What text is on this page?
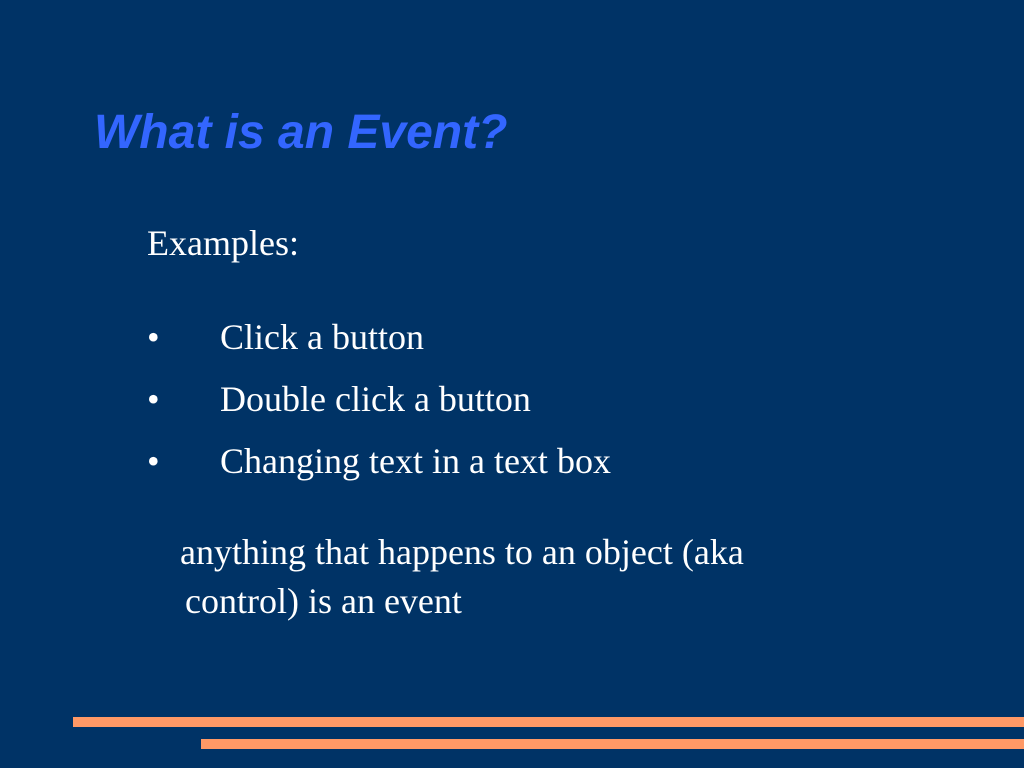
What is an Event?
Examples:
•	Click a button
•	Double click a button
•	Changing text in a text box

anything that happens to an object (aka
control) is an event
